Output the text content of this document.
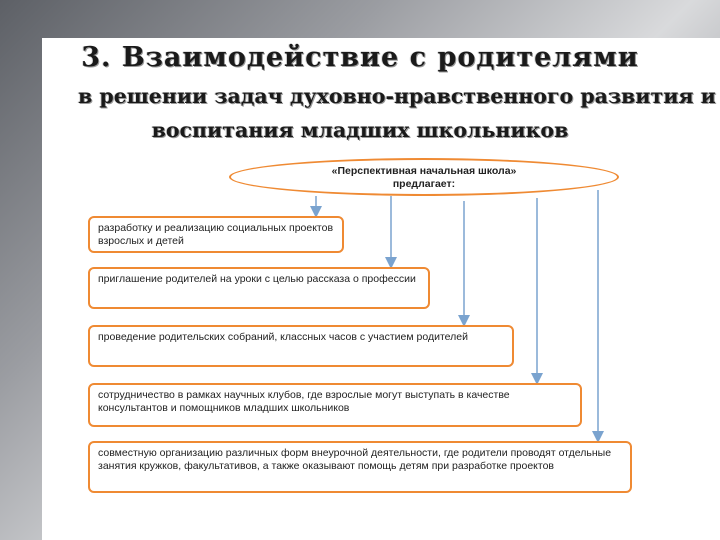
3. Взаимодействие с родителями
в решении задач духовно-нравственного развития и
воспитания младших школьников
«Перспективная начальная школа»
предлагает:
разработку и реализацию социальных проектов взрослых и детей
приглашение родителей на уроки с целью рассказа о профессии
проведение родительских собраний, классных часов с участием родителей
сотрудничество в рамках научных клубов, где взрослые могут выступать в качестве консультантов и помощников младших школьников
совместную организацию различных форм внеурочной деятельности, где родители проводят отдельные занятия кружков, факультативов, а также оказывают помощь детям при разработке проектов
